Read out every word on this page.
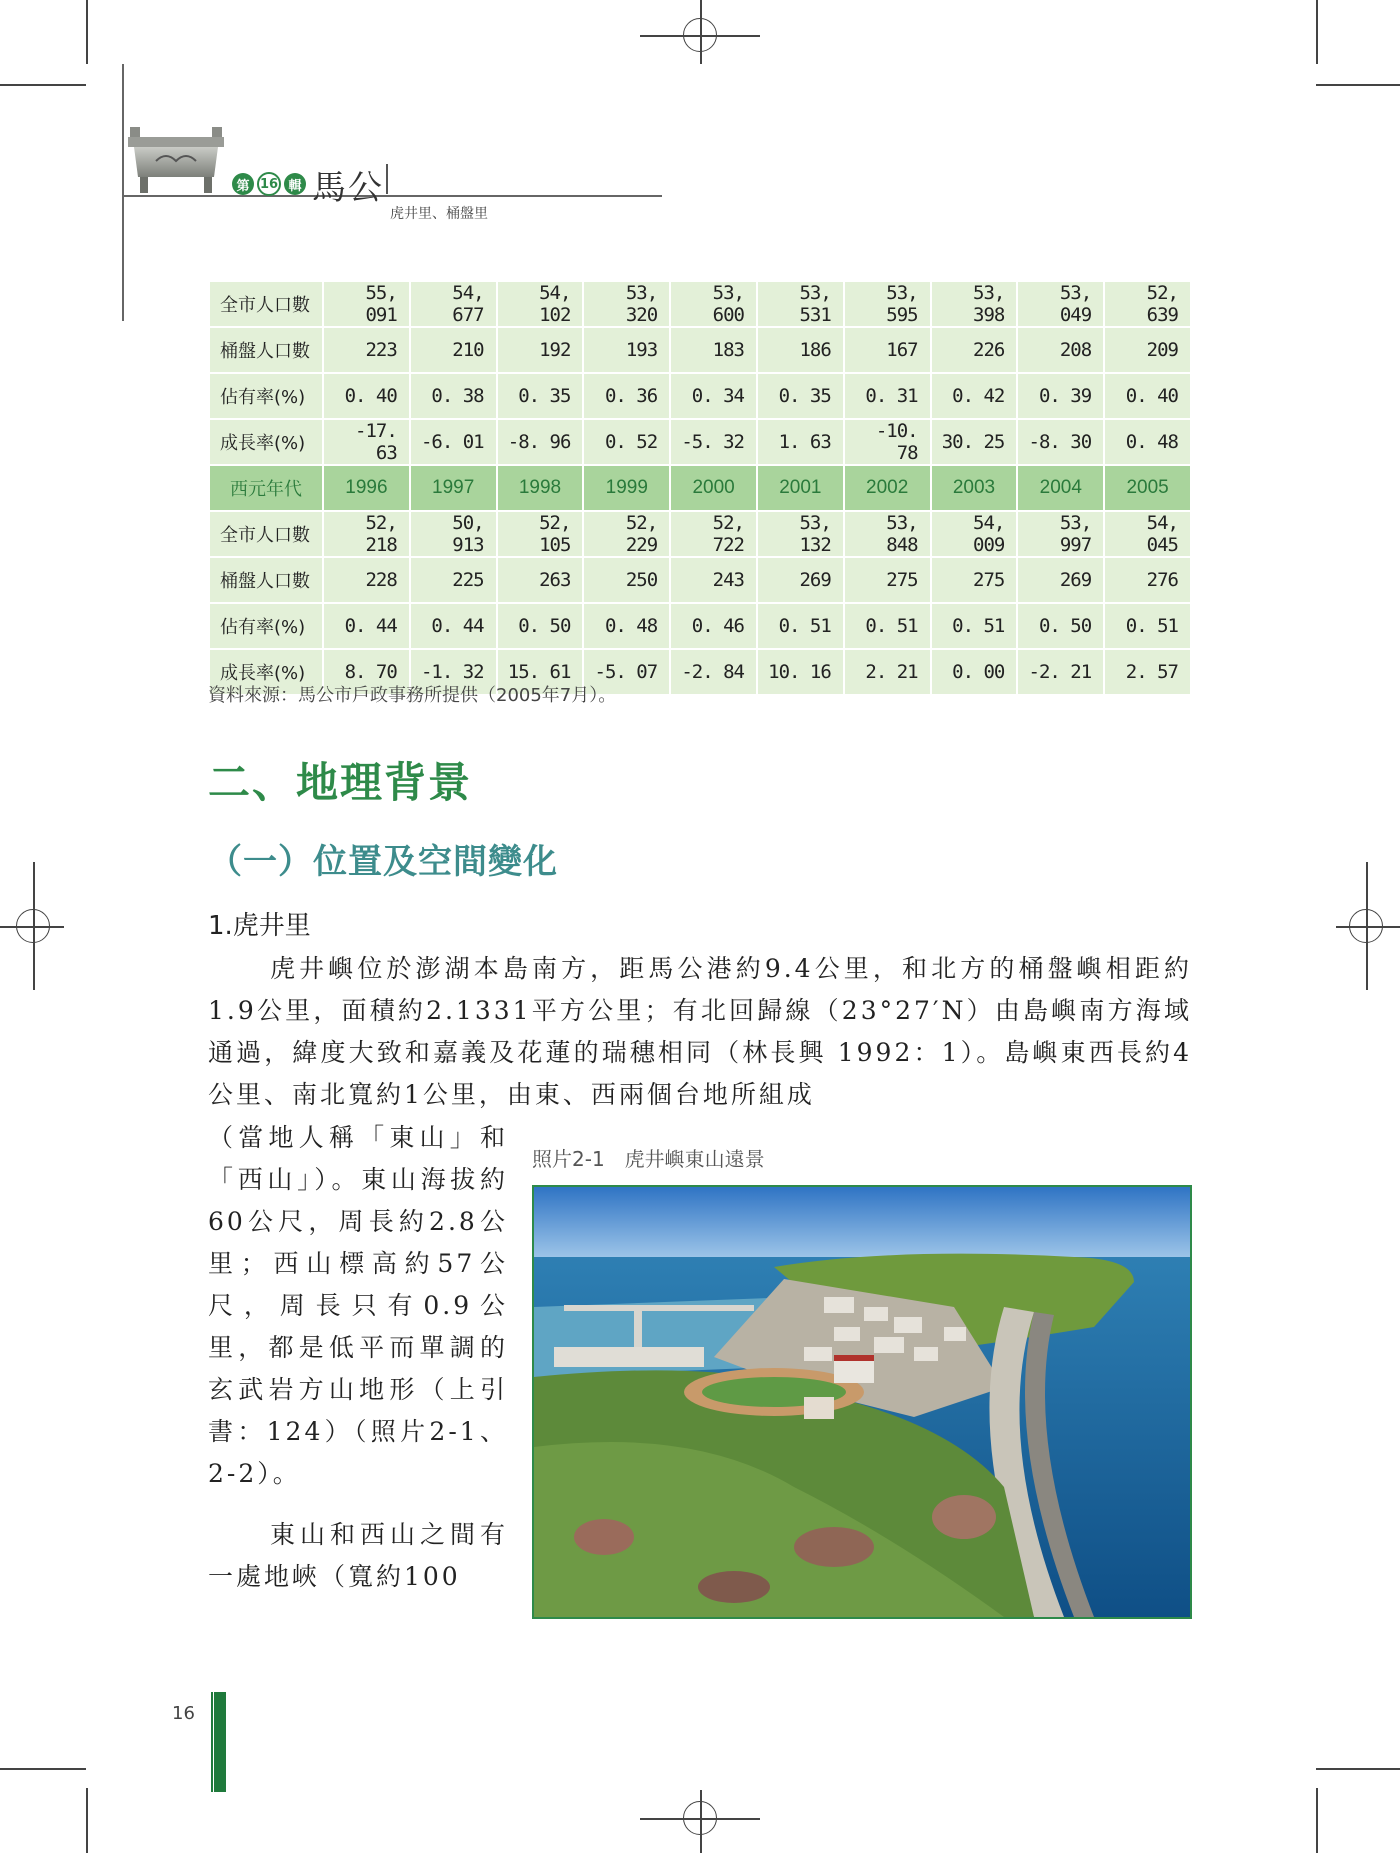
第 16 輯 馬公
虎井里、桶盤里
全市人口數	55, 091	54, 677	54, 102	53, 320	53, 600	53, 531	53, 595	53, 398	53, 049	52, 639
桶盤人口數	223	210	192	193	183	186	167	226	208	209
佔有率(%)	0. 40	0. 38	0. 35	0. 36	0. 34	0. 35	0. 31	0. 42	0. 39	0. 40
成長率(%)	-17. 63	-6. 01	-8. 96	0. 52	-5. 32	1. 63	-10. 78	30. 25	-8. 30	0. 48
西元年代	1996	1997	1998	1999	2000	2001	2002	2003	2004	2005
全市人口數	52, 218	50, 913	52, 105	52, 229	52, 722	53, 132	53, 848	54, 009	53, 997	54, 045
桶盤人口數	228	225	263	250	243	269	275	275	269	276
佔有率(%)	0. 44	0. 44	0. 50	0. 48	0. 46	0. 51	0. 51	0. 51	0. 50	0. 51
成長率(%)	8. 70	-1. 32	15. 61	-5. 07	-2. 84	10. 16	2. 21	0. 00	-2. 21	2. 57
資料來源：馬公市戶政事務所提供（2005年7月）。
二、地理背景
（一）位置及空間變化
1.虎井里
虎井嶼位於澎湖本島南方，距馬公港約9.4公里，和北方的桶盤嶼相距約1.9公里，面積約2.1331平方公里；有北回歸線（23°27′N）由島嶼南方海域通過，緯度大致和嘉義及花蓮的瑞穗相同（林長興 1992：1）。島嶼東西長約4公里、南北寬約1公里，由東、西兩個台地所組成
（當地人稱「東山」和「西山」）。東山海拔約60公尺，周長約2.8公里；西山標高約57公尺，周長只有0.9公里，都是低平而單調的玄武岩方山地形（上引書：124）（照片2-1、2-2）。
東山和西山之間有一處地峽（寬約100
照片2-1　虎井嶼東山遠景
16
